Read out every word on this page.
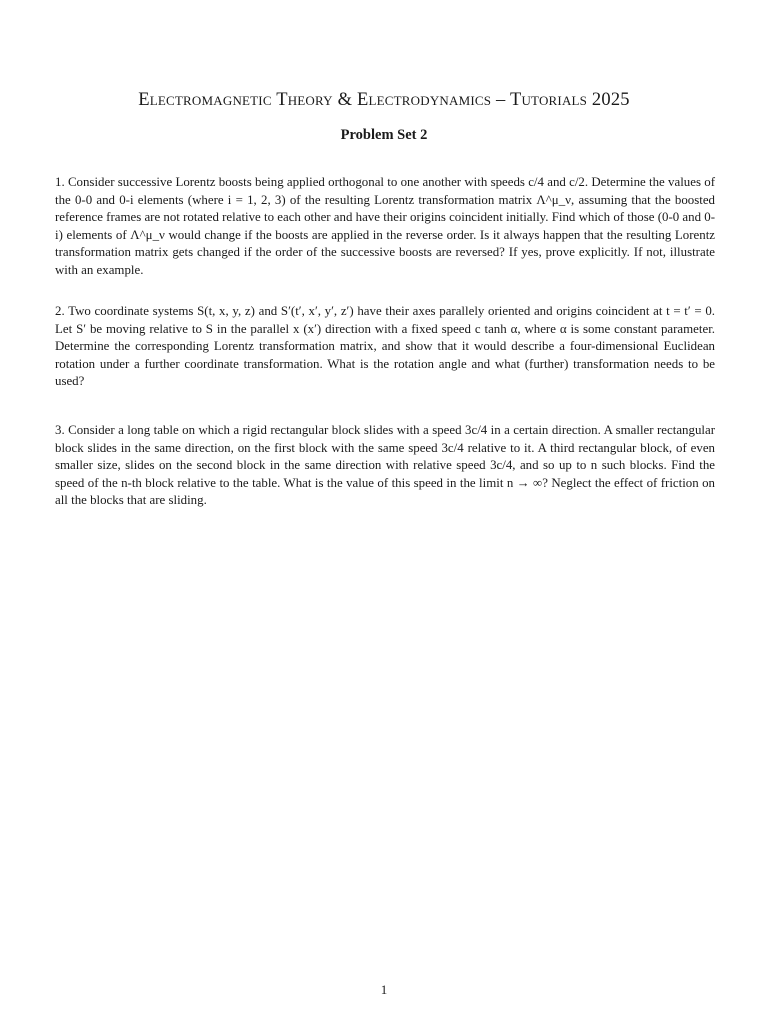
Electromagnetic Theory & Electrodynamics – Tutorials 2025
Problem Set 2
1. Consider successive Lorentz boosts being applied orthogonal to one another with speeds c/4 and c/2. Determine the values of the 0-0 and 0-i elements (where i = 1, 2, 3) of the resulting Lorentz transformation matrix Λ^μ_ν, assuming that the boosted reference frames are not rotated relative to each other and have their origins coincident initially. Find which of those (0-0 and 0-i) elements of Λ^μ_ν would change if the boosts are applied in the reverse order. Is it always happen that the resulting Lorentz transformation matrix gets changed if the order of the successive boosts are reversed? If yes, prove explicitly. If not, illustrate with an example.
2. Two coordinate systems S(t, x, y, z) and S′(t′, x′, y′, z′) have their axes parallely oriented and origins coincident at t = t′ = 0. Let S′ be moving relative to S in the parallel x (x′) direction with a fixed speed c tanh α, where α is some constant parameter. Determine the corresponding Lorentz transformation matrix, and show that it would describe a four-dimensional Euclidean rotation under a further coordinate transformation. What is the rotation angle and what (further) transformation needs to be used?
3. Consider a long table on which a rigid rectangular block slides with a speed 3c/4 in a certain direction. A smaller rectangular block slides in the same direction, on the first block with the same speed 3c/4 relative to it. A third rectangular block, of even smaller size, slides on the second block in the same direction with relative speed 3c/4, and so up to n such blocks. Find the speed of the n-th block relative to the table. What is the value of this speed in the limit n → ∞? Neglect the effect of friction on all the blocks that are sliding.
1
